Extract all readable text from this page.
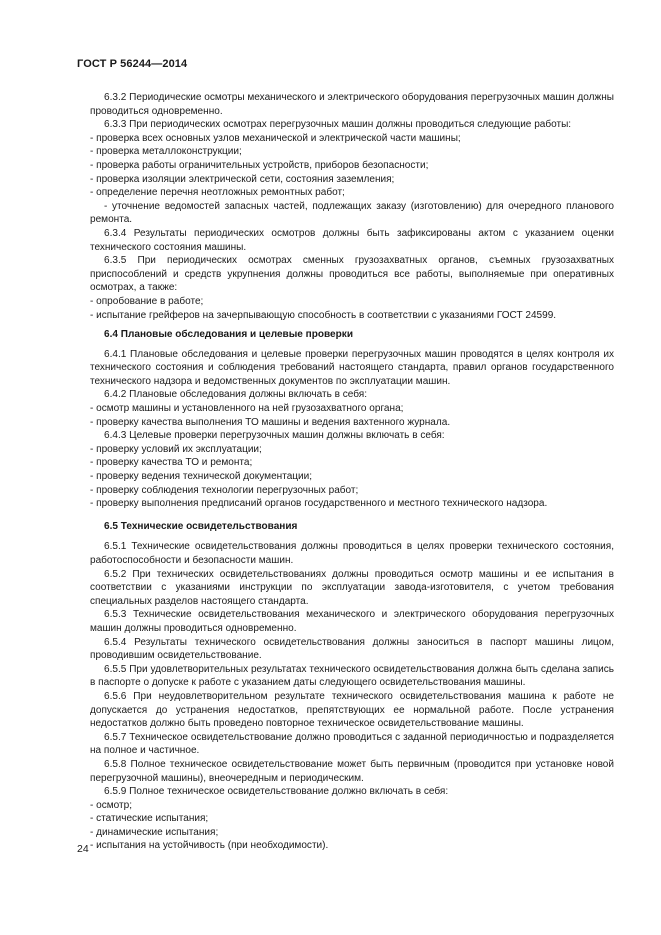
ГОСТ Р 56244—2014

6.3.2 Периодические осмотры механического и электрического оборудования перегрузочных машин должны проводиться одновременно.

6.3.3 При периодических осмотрах перегрузочных машин должны проводиться следующие работы:

- проверка всех основных узлов механической и электрической части машины;

- проверка металлоконструкции;

- проверка работы ограничительных устройств, приборов безопасности;

- проверка изоляции электрической сети, состояния заземления;

- определение перечня неотложных ремонтных работ;

- уточнение ведомостей запасных частей, подлежащих заказу (изготовлению) для очередного планового ремонта.

6.3.4 Результаты периодических осмотров должны быть зафиксированы актом с указанием оценки технического состояния машины.

6.3.5 При периодических осмотрах сменных грузозахватных органов, съемных грузозахватных приспособлений и средств укрупнения должны проводиться все работы, выполняемые при оперативных осмотрах, а также:

- опробование в работе;

- испытание грейферов на зачерпывающую способность в соответствии с указаниями ГОСТ 24599.

6.4 Плановые обследования и целевые проверки

6.4.1 Плановые обследования и целевые проверки перегрузочных машин проводятся в целях контроля их технического состояния и соблюдения требований настоящего стандарта, правил органов государственного технического надзора и ведомственных документов по эксплуатации машин.

6.4.2 Плановые обследования должны включать в себя:

- осмотр машины и установленного на ней грузозахватного органа;

- проверку качества выполнения ТО машины и ведения вахтенного журнала.

6.4.3 Целевые проверки перегрузочных машин должны включать в себя:

- проверку условий их эксплуатации;

- проверку качества ТО и ремонта;

- проверку ведения технической документации;

- проверку соблюдения технологии перегрузочных работ;

- проверку выполнения предписаний органов государственного и местного технического надзора.

6.5 Технические освидетельствования

6.5.1 Технические освидетельствования должны проводиться в целях проверки технического состояния, работоспособности и безопасности машин.

6.5.2 При технических освидетельствованиях должны проводиться осмотр машины и ее испытания в соответствии с указаниями инструкции по эксплуатации завода-изготовителя, с учетом требования специальных разделов настоящего стандарта.

6.5.3 Технические освидетельствования механического и электрического оборудования перегрузочных машин должны проводиться одновременно.

6.5.4 Результаты технического освидетельствования должны заноситься в паспорт машины лицом, проводившим освидетельствование.

6.5.5 При удовлетворительных результатах технического освидетельствования должна быть сделана запись в паспорте о допуске к работе с указанием даты следующего освидетельствования машины.

6.5.6 При неудовлетворительном результате технического освидетельствования машина к работе не допускается до устранения недостатков, препятствующих ее нормальной работе. После устранения недостатков должно быть проведено повторное техническое освидетельствование машины.

6.5.7 Техническое освидетельствование должно проводиться с заданной периодичностью и подразделяется на полное и частичное.

6.5.8 Полное техническое освидетельствование может быть первичным (проводится при установке новой перегрузочной машины), внеочередным и периодическим.

6.5.9 Полное техническое освидетельствование должно включать в себя:

- осмотр;

- статические испытания;

- динамические испытания;

- испытания на устойчивость (при необходимости).

24
